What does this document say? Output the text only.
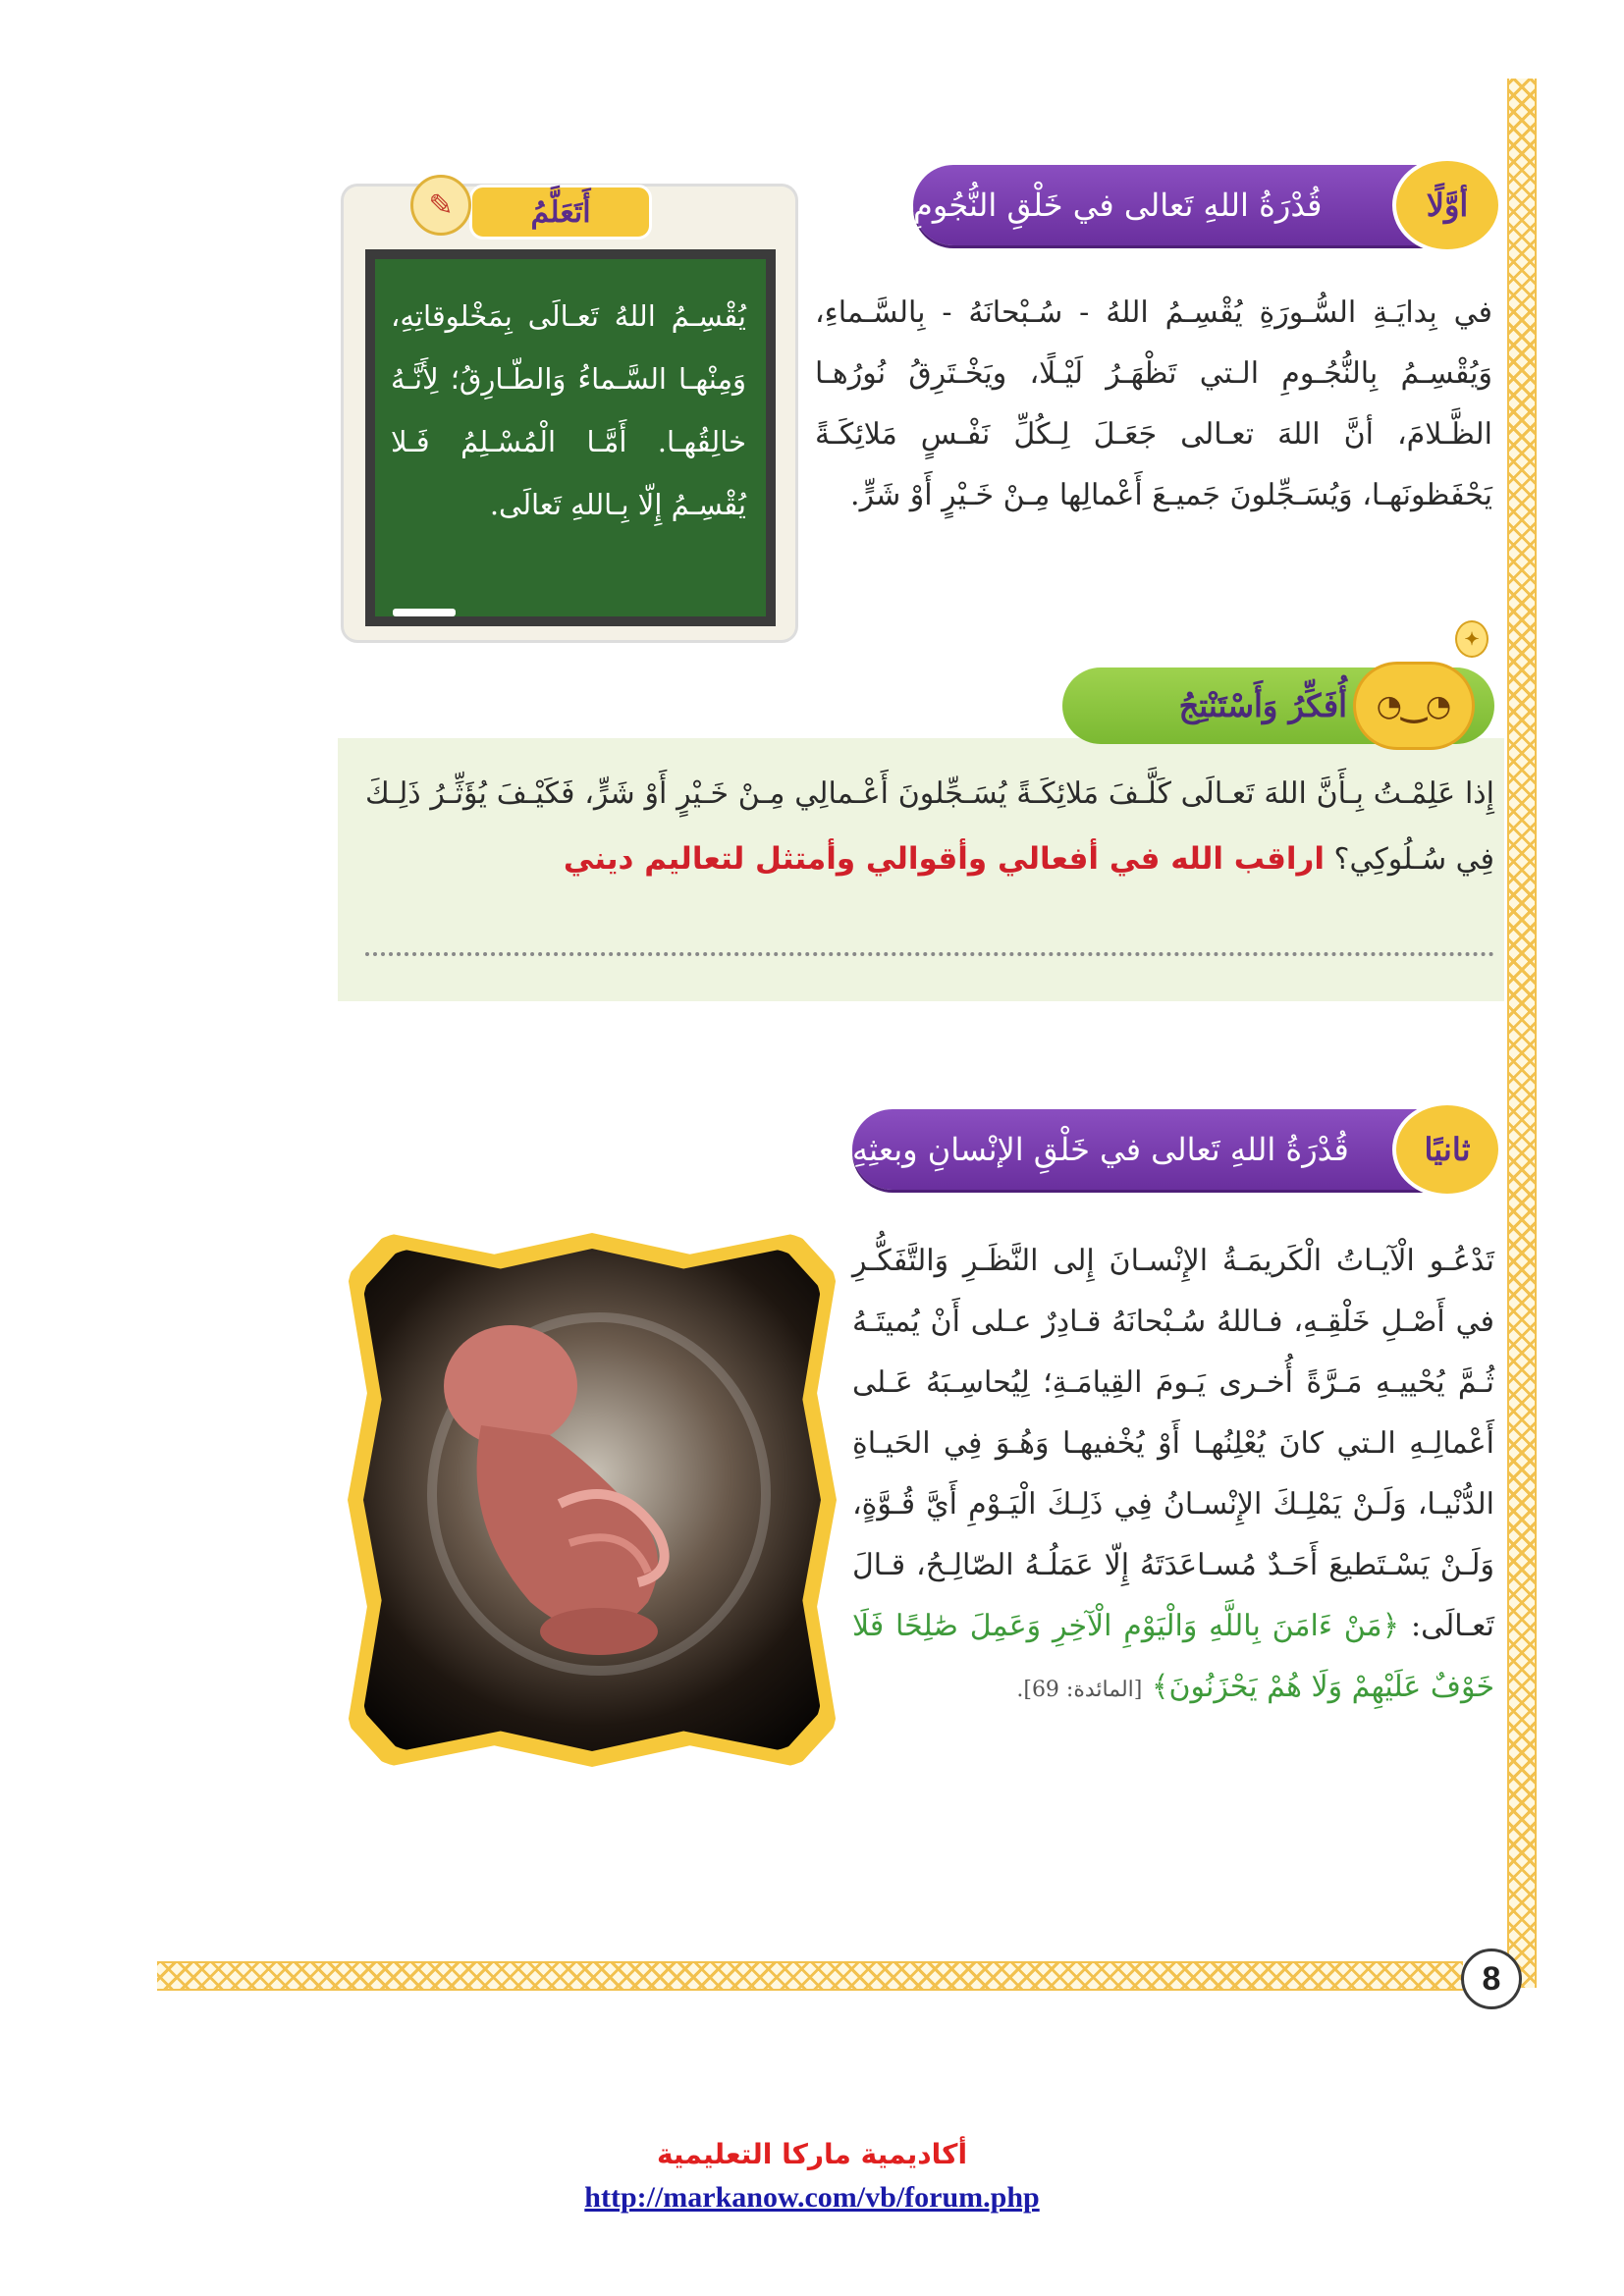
8
قُدْرَةُ اللهِ تَعالى في خَلْقِ النُّجُومِ	أوَّلًا
في بِدايَـةِ السُّـورَةِ يُقْسِـمُ اللهُ - سُـبْحانَهُ - بِالسَّـماءِ، وَيُقْسِـمُ بِالنُّجُـومِ الـتي تَظْهَـرُ لَيْـلًا، ويَخْـتَرِقُ نُورُهـا الظَّـلامَ، أنَّ اللهَ تعـالى جَعَـلَ لِـكُلِّ نَفْـسٍ مَلائِكَـةً يَحْفَظونَهـا، وَيُسَـجِّلونَ جَميـعَ أَعْمالِها مِـنْ خَـيْرٍ أَوْ شَرٍّ.
يُقْسِـمُ اللهُ تَعـالَى بِمَخْلوقاتِهِ، وَمِنْهـا السَّـماءُ وَالطّـارِقُ؛ لِأَنَّـهُ خالِقُهـا. أَمَّـا الْمُسْـلِمُ فَـلا يُقْسِـمُ إِلّا بِـاللهِ تَعالَى.
أَتَعَلَّمُ
✎
أُفَكِّرُ وَأَسْتَنْتِجُ ◔‿◔
✦
إِذا عَلِمْـتُ بِـأَنَّ اللهَ تَعـالَى كَلَّـفَ مَلائِكَـةً يُسَـجِّلونَ أَعْـمالِي مِـنْ خَـيْرٍ أَوْ شَرٍّ، فَكَيْـفَ يُؤَثِّـرُ ذَلِـكَ فِي سُـلُوكِي؟ اراقب الله في أفعالي وأقوالي وأمتثل لتعاليم ديني
قُدْرَةُ اللهِ تَعالى في خَلْقِ الإنْسانِ وبعثِهِ	ثانيًا
تَدْعُـو الْآيـاتُ الْكَريمَـةُ الإِنْسـانَ إِلى النَّظَـرِ وَالتَّفَكُّـرِ في أَصْـلِ خَلْقِـهِ، فـاللهُ سُـبْحانَهُ قـادِرٌ عـلى أَنْ يُميتَـهُ ثُـمَّ يُحْييـهِ مَـرَّةً أُخـرى يَـومَ القِيامَـةِ؛ لِيُحاسِـبَهُ عَـلى أَعْمالِـهِ الـتي كانَ يُعْلِنُهـا أَوْ يُخْفيهـا وَهُـوَ فِي الحَيـاةِ الدُّنْيـا، وَلَـنْ يَمْلِـكَ الإِنْسـانُ فِي ذَلِـكَ الْيَـوْمِ أَيَّ قُـوَّةٍ، وَلَـنْ يَسْـتَطيعَ أَحَـدٌ مُسـاعَدَتَهُ إِلّا عَمَلُـهُ الصّالِـحُ، قـالَ تَعـالَى: ﴿مَنْ ءَامَنَ بِاللَّهِ وَالْيَوْمِ الْآخِرِ وَعَمِلَ صَٰلِحًا فَلَا خَوْفٌ عَلَيْهِمْ وَلَا هُمْ يَحْزَنُونَ﴾ [المائدة: 69].
أكاديمية ماركا التعليمية
http://markanow.com/vb/forum.php
